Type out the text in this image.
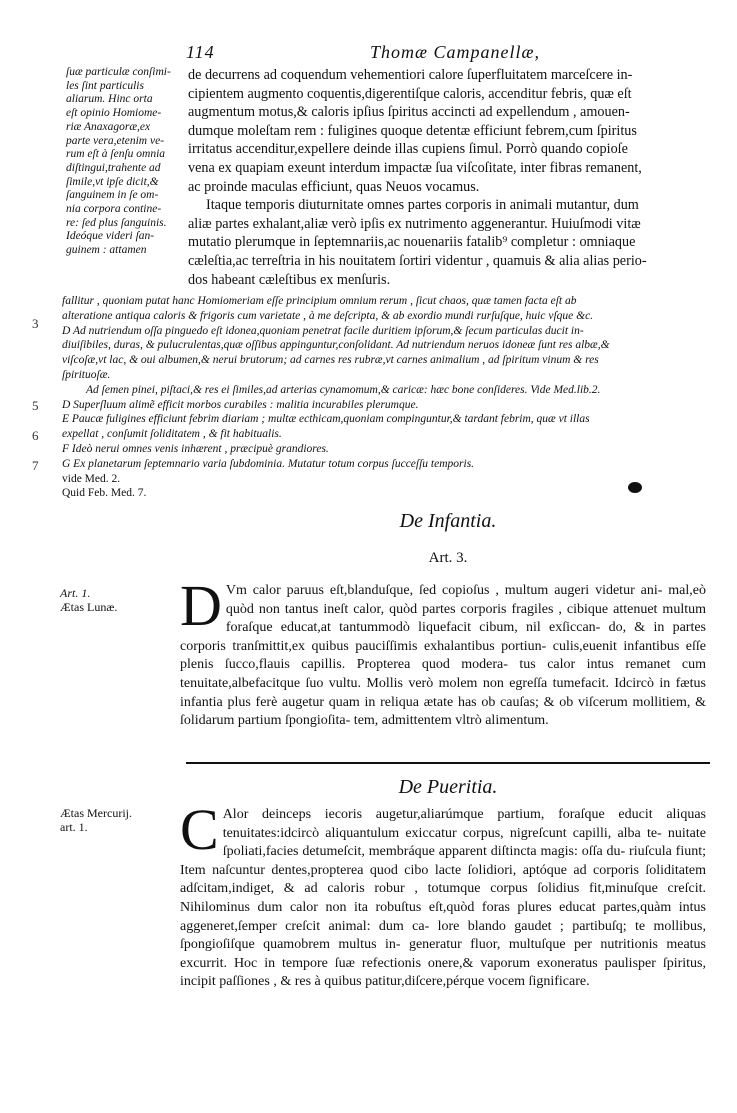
114	Thomæ Campanellæ,
ſuæ particulæ conſimi-
les ſint particulis
aliarum. Hinc orta
eſt opinio Homiome-
riæ Anaxagoræ,ex
parte vera,etenim ve-
rum eſt à ſenſu omnia
diſtingui,trahente ad
ſimile,vt ipſe dicit,&
ſanguinem in ſe om-
nia corpora contine-
re: ſed plus ſanguinis.
Ideóque videri ſan-
guinem : attamen
de decurrens ad coquendum vehementiori calore ſuperfluitatem marceſcere in-
cipientem augmento coquentis,digerentiſque caloris, accenditur febris, quæ eſt
augmentum motus,& caloris ipſius ſpiritus accincti ad expellendum , amouen-
dumque moleſtam rem : fuligines quoque detentæ efficiunt febrem,cum ſpiritus
irritatus accenditur,expellere deinde illas cupiens ſimul. Porrò quando copioſe
vena ex quapiam exeunt interdum impactæ ſua viſcoſitate, inter fibras remanent,
ac proinde maculas efficiunt, quas Neuos vocamus.
Itaque temporis diuturnitate omnes partes corporis in animali mutantur, dum
aliæ partes exhalant,aliæ verò ipſis ex nutrimento aggenerantur. Huiuſmodi vitæ
mutatio plerumque in ſeptemnariis,ac nouenariis fatalib⁹ completur : omniaque
cæleſtia,ac terreſtria in his nouitatem ſortiri videntur , quamuis & alia alias perio-
dos habeant cæleſtibus ex menſuris.
3
5
6
7
fallitur , quoniam putat hanc Homiomeriam eſſe principium omnium rerum , ſicut chaos, quæ tamen facta eſt ab
alteratione antiqua caloris & frigoris cum varietate , à me deſcripta, & ab exordio mundi rurſuſque, huic vſque &c.
D Ad nutriendum oſſa pinguedo eſt idonea,quoniam penetrat facile duritiem ipſorum,& ſecum particulas ducit in-
diuiſibiles, duras, & pulucrulentas,quæ oſſibus appinguntur,conſolidant. Ad nutriendum neruos idoneæ ſunt res albæ,&
viſcoſæ,vt lac, & oui albumen,& nerui brutorum; ad carnes res rubræ,vt carnes animalium , ad ſpiritum vinum & res
ſpirituoſæ.
Ad ſemen pinei, piſtaci,& res ei ſimiles,ad arterias cynamomum,& caricæ: hæc bone conſideres. Vide Med.lib.2.
D Superſluum alimẽ efficit morbos curabiles : malitia incurabiles plerumque.
E Paucæ fuligines efficiunt febrim diariam ; multæ ecthicam,quoniam compinguntur,& tardant febrim, quæ vt illas
expellat , conſumit ſoliditatem , & fit habitualis.
F Ideò nerui omnes venis inhærent , præcipuè grandiores.
G Ex planetarum ſeptemnario varia ſubdominia. Mutatur totum corpus ſucceſſu temporis.
vide Med. 2.
Quid Feb. Med. 7.
De Infantia.
Art. 3.
Art. 1.
Ætas Lunæ. D Vm calor paruus eſt,blanduſque, ſed copioſus , multum augeri videtur ani- mal,eò quòd non tantus ineſt calor, quòd partes corporis fragiles , cibique attenuet multum foraſque educat,at tantummodò liquefacit cibum, nil exſiccan- do, & in partes corporis tranſmittit,ex quibus pauciſſimis exhalantibus portiun- culis,euenit infantibus eſſe plenis ſucco,flauis capillis. Propterea quod modera- tus calor intus remanet cum tenuitate,albefacitque ſuo vultu. Mollis verò molem non egreſſa tumefacit. Idcircò in fætus infantia plus ferè augetur quam in reliqua ætate has ob cauſas; & ob viſcerum mollitiem, & ſolidarum partium ſpongioſita- tem, admittentem vltrò alimentum.
De Pueritia.
Ætas Mercurij.
art. 1.	C Alor deinceps iecoris augetur,aliarúmque partium, foraſque educit aliquas tenuitates:idcircò aliquantulum exiccatur corpus, nigreſcunt capilli, alba te- nuitate ſpoliati,facies detumeſcit, membráque apparent diſtincta magis: oſſa du- riuſcula fiunt; Item naſcuntur dentes,propterea quod cibo lacte ſolidiori, aptóque ad corporis ſoliditatem adſcitam,indiget, & ad caloris robur , totumque corpus ſolidius fit,minuſque creſcit. Nihilominus dum calor non ita robuſtus eſt,quòd foras plures educat partes,quàm intus aggeneret,ſemper creſcit animal: dum ca- lore blando gaudet ; partibuſq; te mollibus, ſpongioſiſque quamobrem multus in- generatur fluor, multuſque per nutritionis meatus excurrit. Hoc in tempore ſuæ refectionis onere,& vaporum exoneratus paulisper ſpiritus, incipit paſſiones , & res à quibus patitur,diſcere,pérque vocem ſignificare.
